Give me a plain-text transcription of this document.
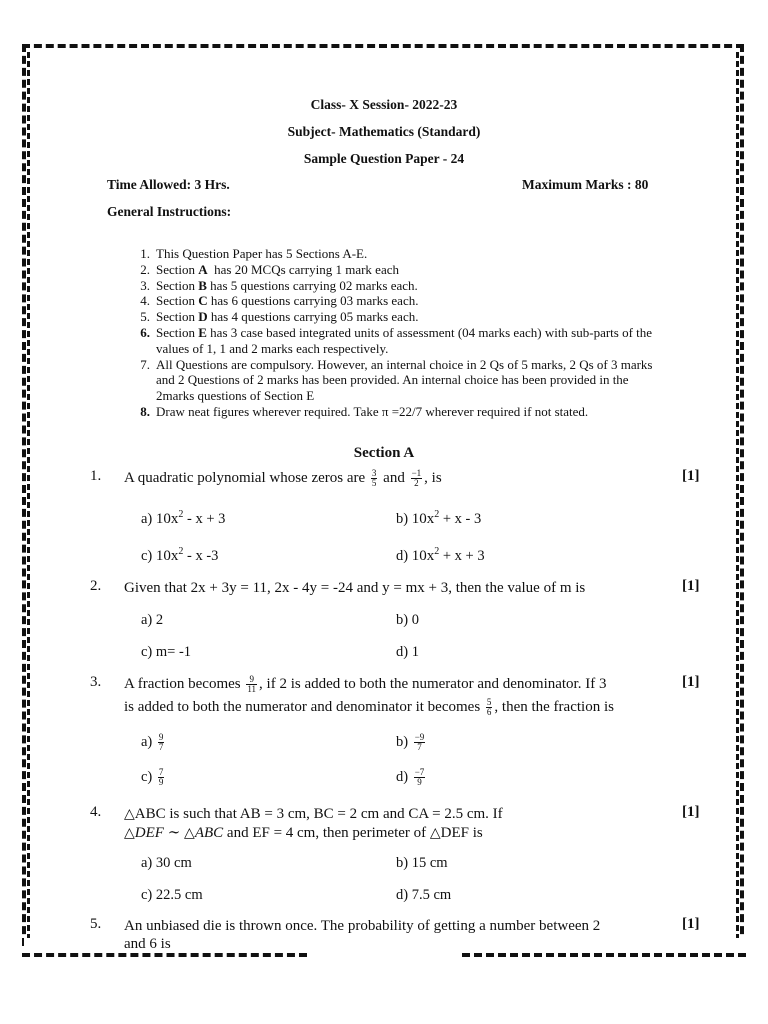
Class- X Session- 2022-23
Subject- Mathematics (Standard)
Sample Question Paper - 24
Time Allowed: 3 Hrs.	Maximum Marks : 80
General Instructions:
1. This Question Paper has 5 Sections A-E.
2. Section A  has 20 MCQs carrying 1 mark each
3. Section B has 5 questions carrying 02 marks each.
4. Section C has 6 questions carrying 03 marks each.
5. Section D has 4 questions carrying 05 marks each.
6. Section E has 3 case based integrated units of assessment (04 marks each) with sub-parts of the values of 1, 1 and 2 marks each respectively.
7. All Questions are compulsory. However, an internal choice in 2 Qs of 5 marks, 2 Qs of 3 marks and 2 Questions of 2 marks has been provided. An internal choice has been provided in the 2marks questions of Section E
8. Draw neat figures wherever required. Take π =22/7 wherever required if not stated.
Section A
1. A quadratic polynomial whose zeros are $\frac{3}{5}$ and $\frac{-1}{2}$ , is	[1]
a) $10x^2 - x + 3$	b) $10x^2 + x - 3$
c) $10x^2$ - x -3	d) $10x^2 + x + 3$
2. Given that 2x + 3y = 11, 2x - 4y = -24 and y = mx + 3, then the value of m is	[1]
a) 2	b) 0
c) m= -1	d) 1
3. A fraction becomes $\frac{9}{11}$ , if 2 is added to both the numerator and denominator. If 3
is added to both the numerator and denominator it becomes $\frac{5}{6}$ , then the fraction is
[1]
$a) \frac{9}{7}$	$b) \frac{-9}{7}$
$c) \frac{7}{9}$	$d) \frac{-7}{9}$
4. △ABC is such that AB = 3 cm, BC = 2 cm and CA = 2.5 cm. If
△DEF ∼ △ABC and EF = 4 cm, then perimeter of △DEF is
[1]
a) 30 cm	b) 15 cm
c) 22.5 cm	d) 7.5 cm
5. An unbiased die is thrown once. The probability of getting a number between 2
and 6 is
[1]
